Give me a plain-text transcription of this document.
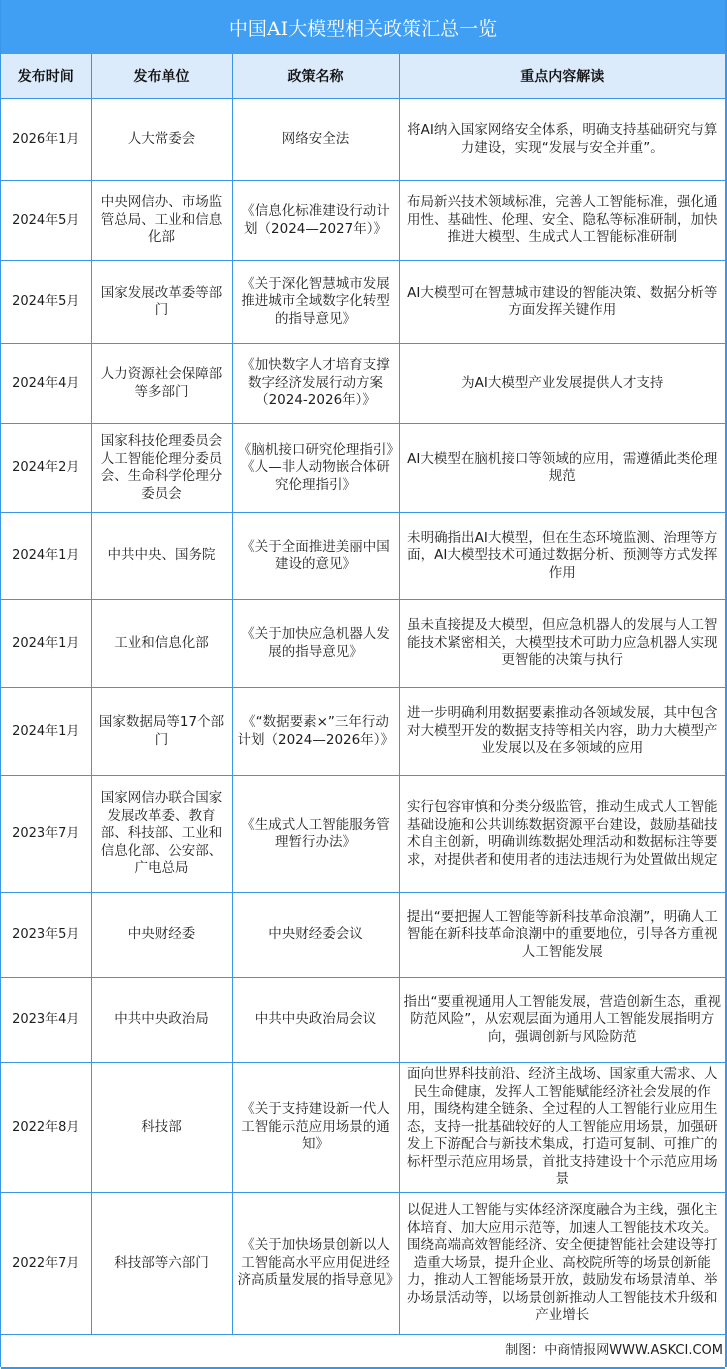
中国AI大模型相关政策汇总一览
发布时间	发布单位	政策名称	重点内容解读
2026年1月	人大常委会	网络安全法	将AI纳入国家网络安全体系，明确支持基础研究与算力建设，实现“发展与安全并重”。
2024年5月	中央网信办、市场监管总局、工业和信息化部	《信息化标准建设行动计划（2024—2027年）》	布局新兴技术领域标准，完善人工智能标准，强化通用性、基础性、伦理、安全、隐私等标准研制，加快推进大模型、生成式人工智能标准研制
2024年5月	国家发展改革委等部门	《关于深化智慧城市发展推进城市全域数字化转型的指导意见》	AI大模型可在智慧城市建设的智能决策、数据分析等方面发挥关键作用
2024年4月	人力资源社会保障部等多部门	《加快数字人才培育支撑数字经济发展行动方案（2024-2026年）》	为AI大模型产业发展提供人才支持
2024年2月	国家科技伦理委员会人工智能伦理分委员会、生命科学伦理分委员会	《脑机接口研究伦理指引》《人—非人动物嵌合体研究伦理指引》	AI大模型在脑机接口等领域的应用，需遵循此类伦理规范
2024年1月	中共中央、国务院	《关于全面推进美丽中国建设的意见》	未明确指出AI大模型，但在生态环境监测、治理等方面，AI大模型技术可通过数据分析、预测等方式发挥作用
2024年1月	工业和信息化部	《关于加快应急机器人发展的指导意见》	虽未直接提及大模型，但应急机器人的发展与人工智能技术紧密相关，大模型技术可助力应急机器人实现更智能的决策与执行
2024年1月	国家数据局等17个部门	《“数据要素×”三年行动计划（2024—2026年）》	进一步明确利用数据要素推动各领域发展，其中包含对大模型开发的数据支持等相关内容，助力大模型产业发展以及在多领域的应用
2023年7月	国家网信办联合国家发展改革委、教育部、科技部、工业和信息化部、公安部、广电总局	《生成式人工智能服务管理暂行办法》	实行包容审慎和分类分级监管，推动生成式人工智能基础设施和公共训练数据资源平台建设，鼓励基础技术自主创新，明确训练数据处理活动和数据标注等要求，对提供者和使用者的违法违规行为处置做出规定
2023年5月	中央财经委	中央财经委会议	提出“要把握人工智能等新科技革命浪潮”，明确人工智能在新科技革命浪潮中的重要地位，引导各方重视人工智能发展
2023年4月	中共中央政治局	中共中央政治局会议	指出“要重视通用人工智能发展，营造创新生态，重视防范风险”，从宏观层面为通用人工智能发展指明方向，强调创新与风险防范
2022年8月	科技部	《关于支持建设新一代人工智能示范应用场景的通知》	面向世界科技前沿、经济主战场、国家重大需求、人民生命健康，发挥人工智能赋能经济社会发展的作用，围绕构建全链条、全过程的人工智能行业应用生态，支持一批基础较好的人工智能应用场景，加强研发上下游配合与新技术集成，打造可复制、可推广的标杆型示范应用场景，首批支持建设十个示范应用场景
2022年7月	科技部等六部门	《关于加快场景创新以人工智能高水平应用促进经济高质量发展的指导意见》	以促进人工智能与实体经济深度融合为主线，强化主体培育、加大应用示范等，加速人工智能技术攻关。围绕高端高效智能经济、安全便捷智能社会建设等打造重大场景，提升企业、高校院所等的场景创新能力，推动人工智能场景开放，鼓励发布场景清单、举办场景活动等，以场景创新推动人工智能技术升级和产业增长
制图：中商情报网WWW.ASKCI.COM			
